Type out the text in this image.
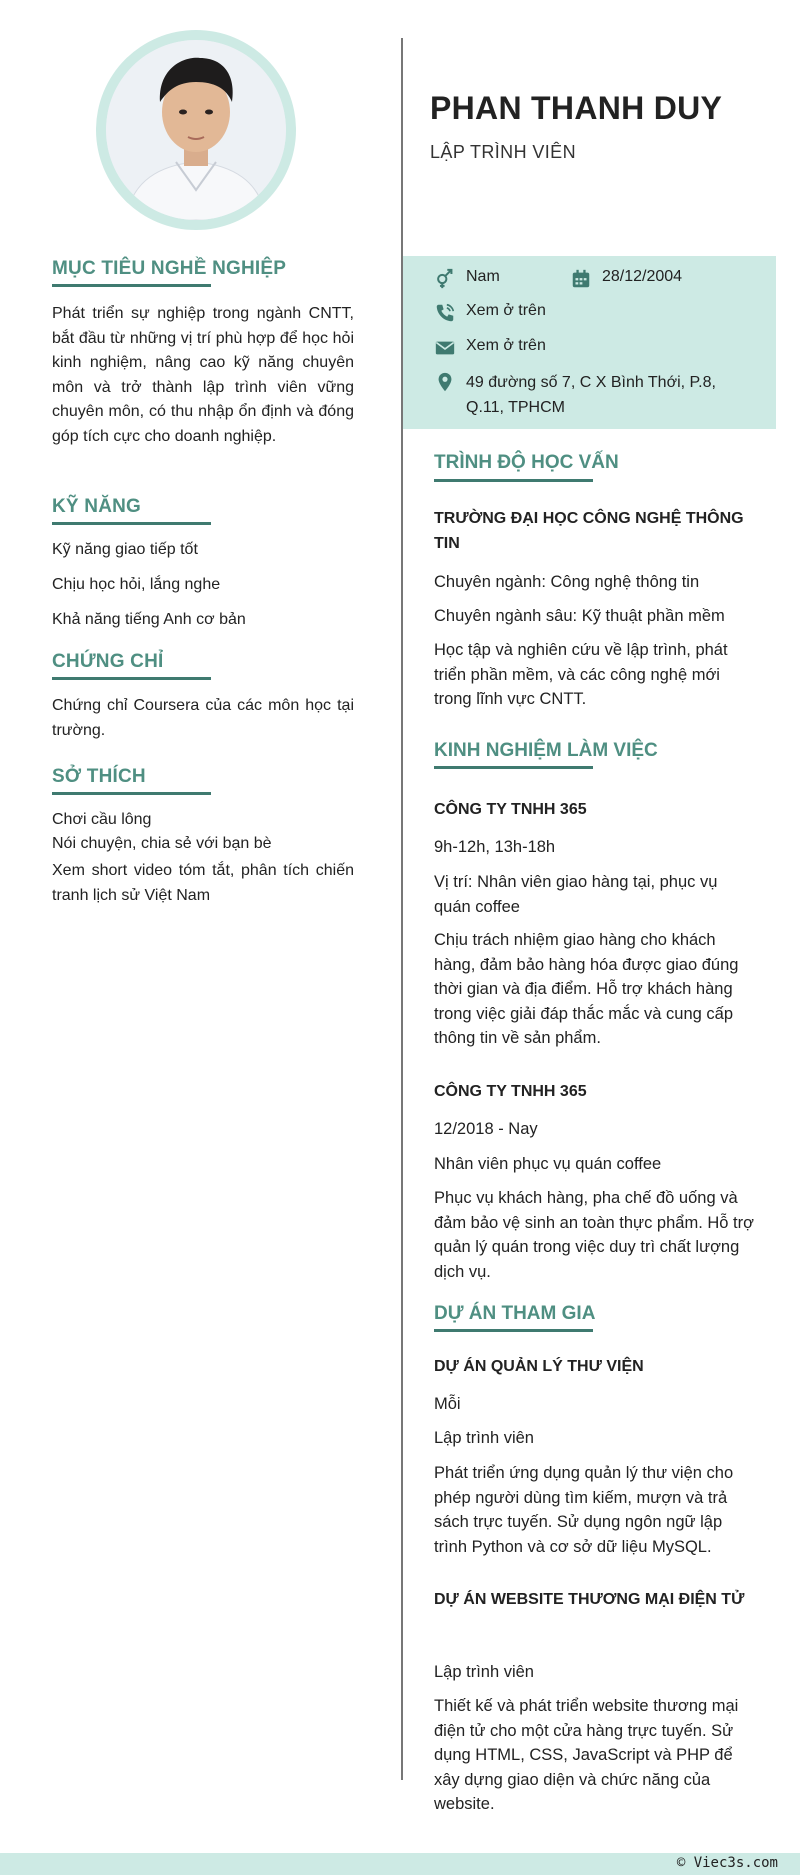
MỤC TIÊU NGHỀ NGHIỆP
Phát triển sự nghiệp trong ngành CNTT, bắt đầu từ những vị trí phù hợp để học hỏi kinh nghiệm, nâng cao kỹ năng chuyên môn và trở thành lập trình viên vững chuyên môn, có thu nhập ổn định và đóng góp tích cực cho doanh nghiệp.
KỸ NĂNG
Kỹ năng giao tiếp tốt
Chịu học hỏi, lắng nghe
Khả năng tiếng Anh cơ bản
CHỨNG CHỈ
Chứng chỉ Coursera của các môn học tại trường.
SỞ THÍCH
Chơi cầu lông
Nói chuyện, chia sẻ với bạn bè
Xem short video tóm tắt, phân tích chiến tranh lịch sử Việt Nam
PHAN THANH DUY
LẬP TRÌNH VIÊN
Nam	28/12/2004
Xem ở trên
Xem ở trên
49 đường số 7, C X Bình Thới, P.8, Q.11, TPHCM
TRÌNH ĐỘ HỌC VẤN
TRƯỜNG ĐẠI HỌC CÔNG NGHỆ THÔNG TIN
Chuyên ngành: Công nghệ thông tin
Chuyên ngành sâu: Kỹ thuật phần mềm
Học tập và nghiên cứu về lập trình, phát triển phần mềm, và các công nghệ mới trong lĩnh vực CNTT.
KINH NGHIỆM LÀM VIỆC
CÔNG TY TNHH 365
9h-12h, 13h-18h
Vị trí: Nhân viên giao hàng tại, phục vụ quán coffee
Chịu trách nhiệm giao hàng cho khách hàng, đảm bảo hàng hóa được giao đúng thời gian và địa điểm. Hỗ trợ khách hàng trong việc giải đáp thắc mắc và cung cấp thông tin về sản phẩm.
CÔNG TY TNHH 365
12/2018 - Nay
Nhân viên phục vụ quán coffee
Phục vụ khách hàng, pha chế đồ uống và đảm bảo vệ sinh an toàn thực phẩm. Hỗ trợ quản lý quán trong việc duy trì chất lượng dịch vụ.
DỰ ÁN THAM GIA
DỰ ÁN QUẢN LÝ THƯ VIỆN
Mỗi
Lập trình viên
Phát triển ứng dụng quản lý thư viện cho phép người dùng tìm kiếm, mượn và trả sách trực tuyến. Sử dụng ngôn ngữ lập trình Python và cơ sở dữ liệu MySQL.
DỰ ÁN WEBSITE THƯƠNG MẠI ĐIỆN TỬ
Lập trình viên
Thiết kế và phát triển website thương mại điện tử cho một cửa hàng trực tuyến. Sử dụng HTML, CSS, JavaScript và PHP để xây dựng giao diện và chức năng của website.
© Viec3s.com
